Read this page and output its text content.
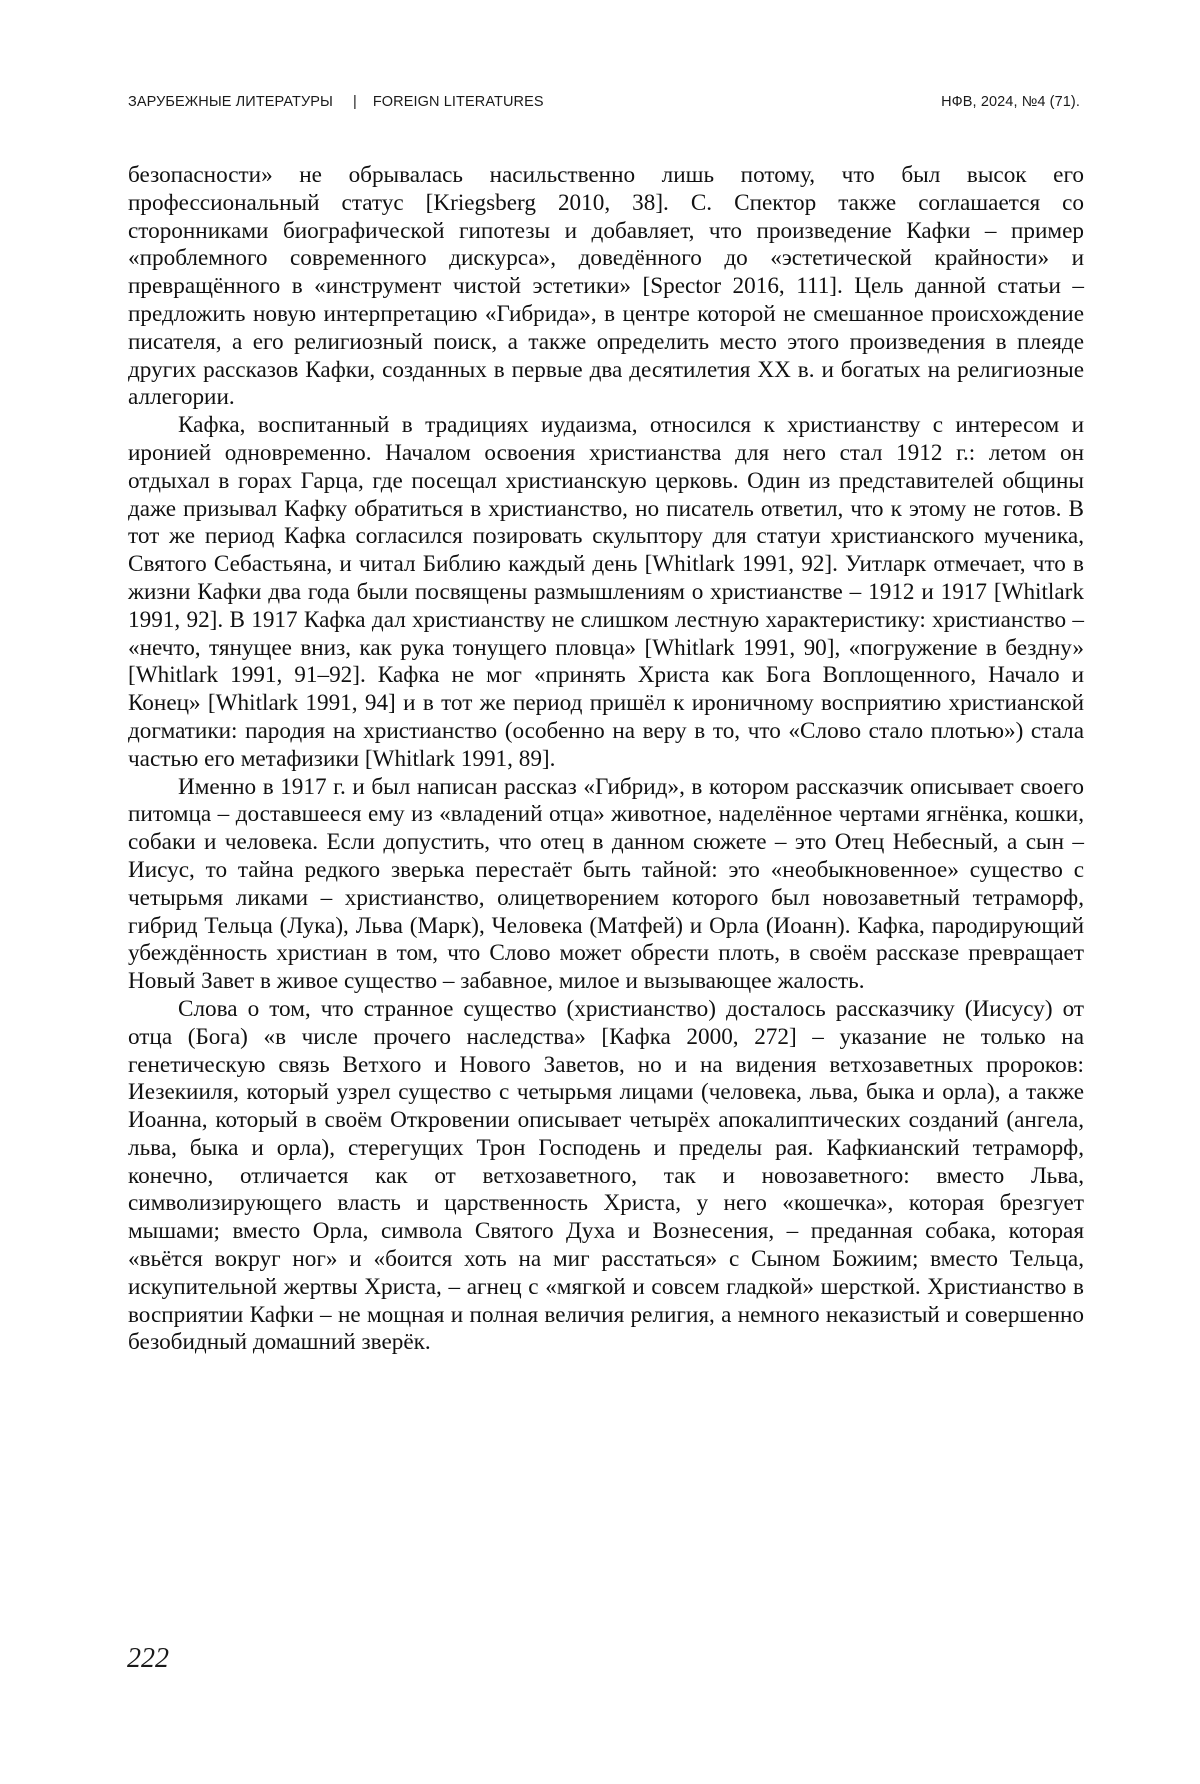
ЗАРУБЕЖНЫЕ ЛИТЕРАТУРЫ | FOREIGN LITERATURES	НФВ, 2024, №4 (71).

безопасности» не обрывалась насильственно лишь потому, что был высок его профессиональный статус [Kriegsberg 2010, 38]. С. Спектор также соглашается со сторонниками биографической гипотезы и добавляет, что произведение Кафки – пример «проблемного современного дискурса», доведённого до «эстетической крайности» и превращённого в «инструмент чистой эстетики» [Spector 2016, 111]. Цель данной статьи – предложить новую интерпретацию «Гибрида», в центре которой не смешанное происхождение писателя, а его религиозный поиск, а также определить место этого произведения в плеяде других рассказов Кафки, созданных в первые два десятилетия XX в. и богатых на религиозные аллегории.

Кафка, воспитанный в традициях иудаизма, относился к христианству с интересом и иронией одновременно. Началом освоения христианства для него стал 1912 г.: летом он отдыхал в горах Гарца, где посещал христианскую церковь. Один из представителей общины даже призывал Кафку обратиться в христианство, но писатель ответил, что к этому не готов. В тот же период Кафка согласился позировать скульптору для статуи христианского мученика, Святого Себастьяна, и читал Библию каждый день [Whitlark 1991, 92]. Уитларк отмечает, что в жизни Кафки два года были посвящены размышлениям о христианстве – 1912 и 1917 [Whitlark 1991, 92]. В 1917 Кафка дал христианству не слишком лестную характеристику: христианство – «нечто, тянущее вниз, как рука тонущего пловца» [Whitlark 1991, 90], «погружение в бездну» [Whitlark 1991, 91–92]. Кафка не мог «принять Христа как Бога Воплощенного, Начало и Конец» [Whitlark 1991, 94] и в тот же период пришёл к ироничному восприятию христианской догматики: пародия на христианство (особенно на веру в то, что «Слово стало плотью») стала частью его метафизики [Whitlark 1991, 89].

Именно в 1917 г. и был написан рассказ «Гибрид», в котором рассказчик описывает своего питомца – доставшееся ему из «владений отца» животное, наделённое чертами ягнёнка, кошки, собаки и человека. Если допустить, что отец в данном сюжете – это Отец Небесный, а сын – Иисус, то тайна редкого зверька перестаёт быть тайной: это «необыкновенное» существо с четырьмя ликами – христианство, олицетворением которого был новозаветный тетраморф, гибрид Тельца (Лука), Льва (Марк), Человека (Матфей) и Орла (Иоанн). Кафка, пародирующий убеждённость христиан в том, что Слово может обрести плоть, в своём рассказе превращает Новый Завет в живое существо – забавное, милое и вызывающее жалость.

Слова о том, что странное существо (христианство) досталось рассказчику (Иисусу) от отца (Бога) «в числе прочего наследства» [Кафка 2000, 272] – указание не только на генетическую связь Ветхого и Нового Заветов, но и на видения ветхозаветных пророков: Иезекииля, который узрел существо с четырьмя лицами (человека, льва, быка и орла), а также Иоанна, который в своём Откровении описывает четырёх апокалиптических созданий (ангела, льва, быка и орла), стерегущих Трон Господень и пределы рая. Кафкианский тетраморф, конечно, отличается как от ветхозаветного, так и новозаветного: вместо Льва, символизирующего власть и царственность Христа, у него «кошечка», которая брезгует мышами; вместо Орла, символа Святого Духа и Вознесения, – преданная собака, которая «вьётся вокруг ног» и «боится хоть на миг расстаться» с Сыном Божиим; вместо Тельца, искупительной жертвы Христа, – агнец с «мягкой и совсем гладкой» шерсткой. Христианство в восприятии Кафки – не мощная и полная величия религия, а немного неказистый и совершенно безобидный домашний зверёк.

222
